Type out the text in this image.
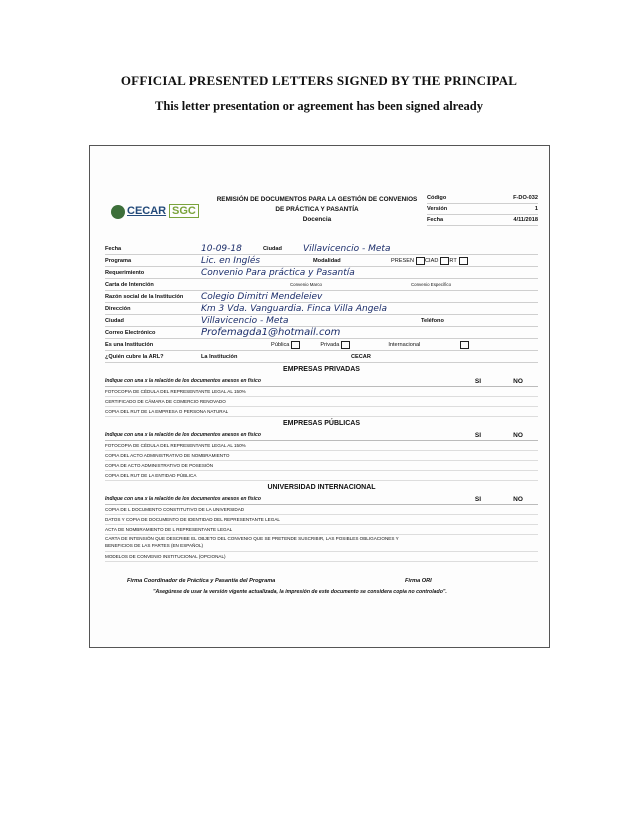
OFFICIAL PRESENTED LETTERS SIGNED BY THE PRINCIPAL
This letter presentation or agreement has been signed already
CECAR SGC
REMISIÓN DE DOCUMENTOS PARA LA GESTIÓN DE CONVENIOS
DE PRÁCTICA Y PASANTÍA
Docencia
Código	F-DO-032
Versión	1
Fecha	4/11/2018
Fecha	10-09-18	Ciudad	Villavicencio - Meta
Programa	Lic. en Inglés	Modalidad	PRESEN CIAD RT
Requerimiento	Convenio Para práctica y Pasantía
Carta de Intención	Convenio Marco	Convenio Específico
Razón social de la Institución	Colegio Dimitri Mendeleiev
Dirección	Km 3 Vda. Vanguardia. Finca Villa Angela
Ciudad	Villavicencio - Meta	Teléfono
Correo Electrónico	Profemagda1@hotmail.com
Es una Institución	Pública	Privada	Internacional
¿Quién cubre la ARL?	La Institución	CECAR
EMPRESAS PRIVADAS
Indique con una x la relación de los documentos anexos en físico	SI	NO
FOTOCOPIA DE CÉDULA DEL REPRESENTANTE LEGAL AL 150%
CERTIFICADO DE CÁMARA DE COMERCIO RENOVADO
COPIA DEL RUT DE LA EMPRESA O PERSONA NATURAL
EMPRESAS PÚBLICAS
Indique con una x la relación de los documentos anexos en físico	SI	NO
FOTOCOPIA DE CÉDULA DEL REPRESENTANTE LEGAL AL 150%
COPIA DEL ACTO ADMINISTRATIVO DE NOMBRAMIENTO
COPIA DE ACTO ADMINISTRATIVO DE POSESIÓN
COPIA DEL RUT DE LA ENTIDAD PÚBLICA
UNIVERSIDAD INTERNACIONAL
Indique con una x la relación de los documentos anexos en físico	SI	NO
COPIA DE L DOCUMENTO CONSTITUTIVO DE LA UNIVERSIDAD
DATOS Y COPIA DE DOCUMENTO DE IDENTIDAD DEL REPRESENTANTE LEGAL
ACTA DE NOMBRAMIENTO DE L REPRESENTANTE LEGAL
CARTA DE INTENSIÓN QUE DESCRIBE EL OBJETO DEL CONVENIO QUE SE PRETENDE SUSCRIBIR, LAS POSIBLES OBLIGACIONES Y BENEFICIOS DE LAS PARTES (EN ESPAÑOL)
MODELOS DE CONVENIO INSTITUCIONAL (OPCIONAL)
Firma Coordinador de Práctica y Pasantía del Programa	Firma ORI
"Asegúrese de usar la versión vigente actualizada, la impresión de este documento se considera copia no controlado".
